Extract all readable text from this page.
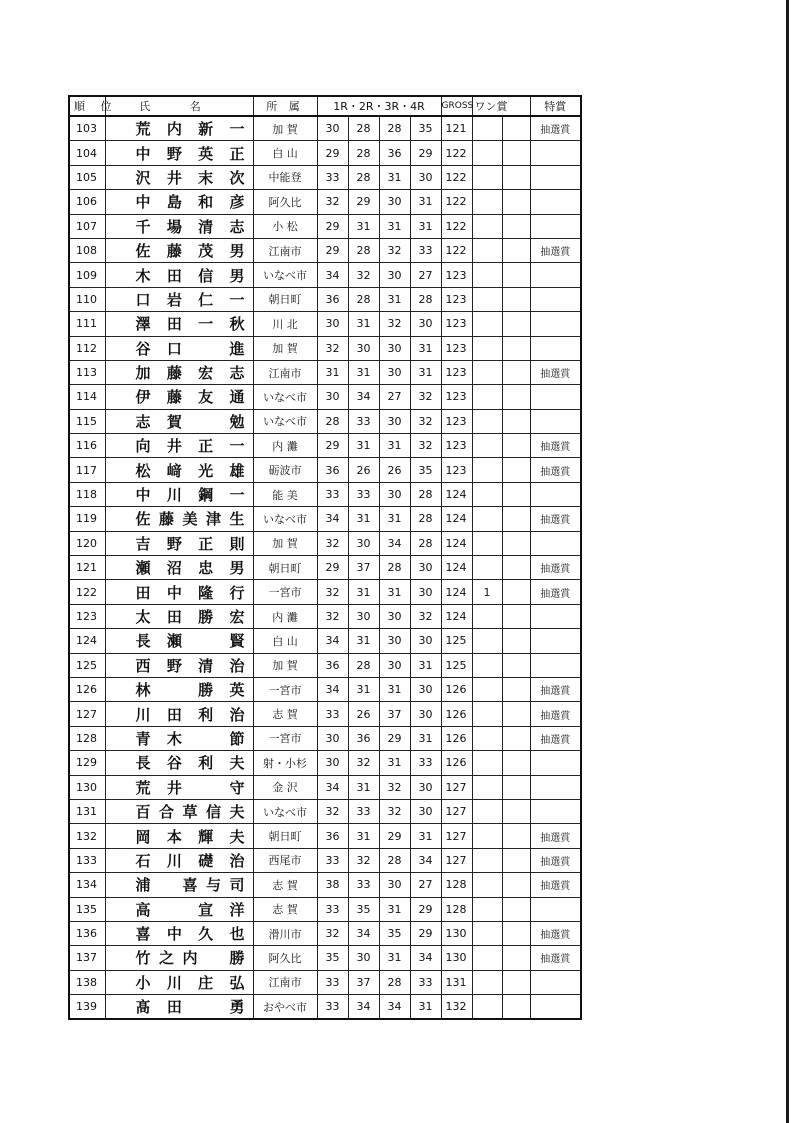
順 位	氏 名	所 属	1R・2R・3R・4R				GROSS	ワン賞		特賞
103	荒内新一	加 賀	30	28	28	35	121			抽選賞
104	中野英正	白 山	29	28	36	29	122			
105	沢井末次	中能登	33	28	31	30	122			
106	中島和彦	阿久比	32	29	30	31	122			
107	千場清志	小 松	29	31	31	31	122			
108	佐藤茂男	江南市	29	28	32	33	122			抽選賞
109	木田信男	いなべ市	34	32	30	27	123			
110	口岩仁一	朝日町	36	28	31	28	123			
111	澤田一秋	川 北	30	31	32	30	123			
112	谷口　進	加 賀	32	30	30	31	123			
113	加藤宏志	江南市	31	31	30	31	123			抽選賞
114	伊藤友通	いなべ市	30	34	27	32	123			
115	志賀　勉	いなべ市	28	33	30	32	123			
116	向井正一	内 灘	29	31	31	32	123			抽選賞
117	松﨑光雄	砺波市	36	26	26	35	123			抽選賞
118	中川鋼一	能 美	33	33	30	28	124			
119	佐藤美津生	いなべ市	34	31	31	28	124			抽選賞
120	吉野正則	加 賀	32	30	34	28	124			
121	瀬沼忠男	朝日町	29	37	28	30	124			抽選賞
122	田中隆行	一宮市	32	31	31	30	124	1		抽選賞
123	太田勝宏	内 灘	32	30	30	32	124			
124	長瀬　賢	白 山	34	31	30	30	125			
125	西野清治	加 賀	36	28	30	31	125			
126	林　勝英	一宮市	34	31	31	30	126			抽選賞
127	川田利治	志 賀	33	26	37	30	126			抽選賞
128	青木　節	一宮市	30	36	29	31	126			抽選賞
129	長谷利夫	射・小杉	30	32	31	33	126			
130	荒井　守	金 沢	34	31	32	30	127			
131	百合草信夫	いなべ市	32	33	32	30	127			
132	岡本輝夫	朝日町	36	31	29	31	127			抽選賞
133	石川礎治	西尾市	33	32	28	34	127			抽選賞
134	浦　喜与司	志 賀	38	33	30	27	128			抽選賞
135	高　宣洋	志 賀	33	35	31	29	128			
136	喜中久也	滑川市	32	34	35	29	130			抽選賞
137	竹之内　勝	阿久比	35	30	31	34	130			抽選賞
138	小川庄弘	江南市	33	37	28	33	131			
139	髙田　勇	おやべ市	33	34	34	31	132			
